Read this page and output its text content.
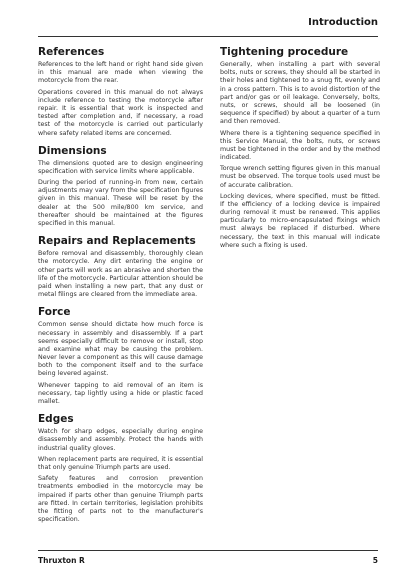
Introduction
References

References to the left hand or right hand side given in this manual are made when viewing the motorcycle from the rear.

Operations covered in this manual do not always include reference to testing the motorcycle after repair. It is essential that work is inspected and tested after completion and, if necessary, a road test of the motorcycle is carried out particularly where safety related items are concerned.

Dimensions

The dimensions quoted are to design engineering specification with service limits where applicable.

During the period of running-in from new, certain adjustments may vary from the specification figures given in this manual. These will be reset by the dealer at the 500 mile/800 km service, and thereafter should be maintained at the figures specified in this manual.

Repairs and Replacements

Before removal and disassembly, thoroughly clean the motorcycle. Any dirt entering the engine or other parts will work as an abrasive and shorten the life of the motorcycle. Particular attention should be paid when installing a new part, that any dust or metal filings are cleared from the immediate area.

Force

Common sense should dictate how much force is necessary in assembly and disassembly. If a part seems especially difficult to remove or install, stop and examine what may be causing the problem. Never lever a component as this will cause damage both to the component itself and to the surface being levered against.

Whenever tapping to aid removal of an item is necessary, tap lightly using a hide or plastic faced mallet.

Edges

Watch for sharp edges, especially during engine disassembly and assembly. Protect the hands with industrial quality gloves.

When replacement parts are required, it is essential that only genuine Triumph parts are used.

Safety features and corrosion prevention treatments embodied in the motorcycle may be impaired if parts other than genuine Triumph parts are fitted. In certain territories, legislation prohibits the fitting of parts not to the manufacturer's specification.

Tightening procedure

Generally, when installing a part with several bolts, nuts or screws, they should all be started in their holes and tightened to a snug fit, evenly and in a cross pattern. This is to avoid distortion of the part and/or gas or oil leakage. Conversely, bolts, nuts, or screws, should all be loosened (in sequence if specified) by about a quarter of a turn and then removed.

Where there is a tightening sequence specified in this Service Manual, the bolts, nuts, or screws must be tightened in the order and by the method indicated.

Torque wrench setting figures given in this manual must be observed. The torque tools used must be of accurate calibration.

Locking devices, where specified, must be fitted. If the efficiency of a locking device is impaired during removal it must be renewed. This applies particularly to micro-encapsulated fixings which must always be replaced if disturbed. Where necessary, the text in this manual will indicate where such a fixing is used.

Thruxton R	5
